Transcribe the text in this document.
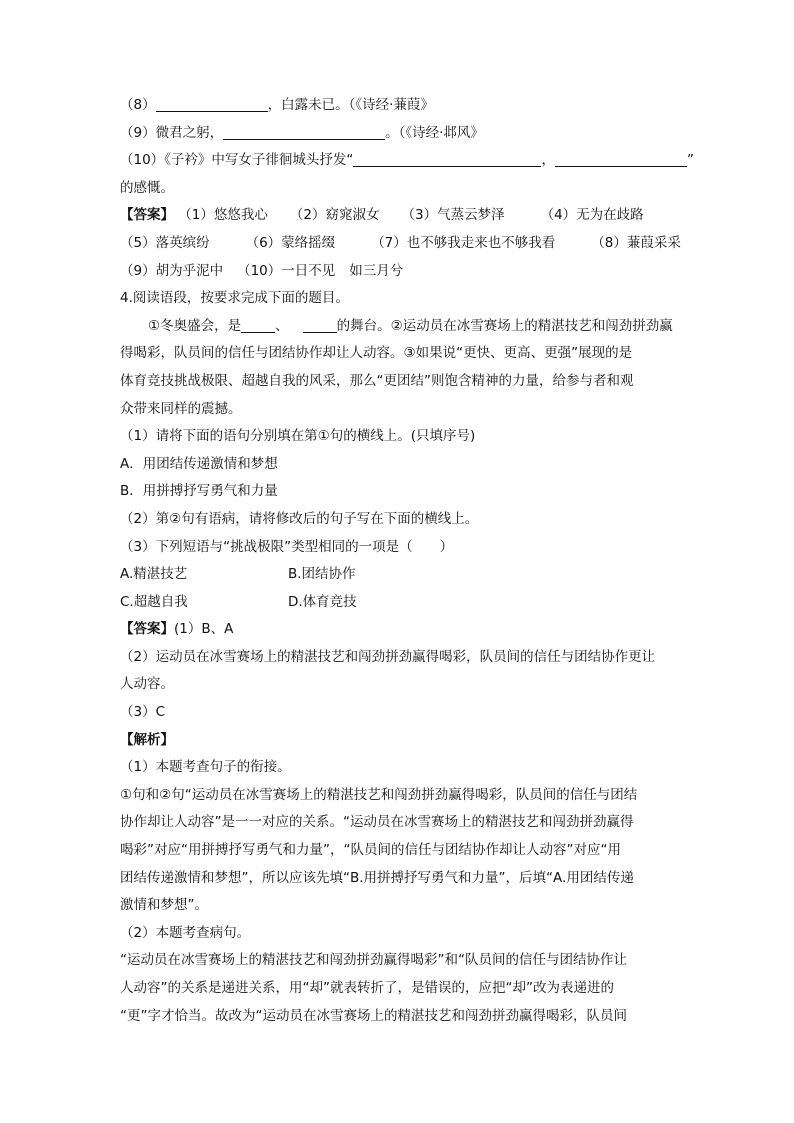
（8）	，白露未已。（《诗经·蒹葭》
（9）微君之躬，	。（《诗经·邶风》
（10）《子衿》中写女子徘徊城头抒发“	，	”
的感慨。
【答案】 （1）悠悠我心 （2）窈窕淑女 （3）气蒸云梦泽	（4）无为在歧路
（5）落英缤纷	（6）蒙络摇缀	（7）也不够我走来也不够我看	（8）蒹葭采采
（9）胡为乎泥中 （10）一日不见 如三月兮
4.阅读语段，按要求完成下面的题目。
①冬奥盛会，是	、	的舞台。②运动员在冰雪赛场上的精湛技艺和闯劲拼劲赢
得喝彩，队员间的信任与团结协作却让人动容。③如果说“更快、更高、更强”展现的是
体育竞技挑战极限、超越自我的风采，那么“更团结”则饱含精神的力量，给参与者和观
众带来同样的震撼。
（1）请将下面的语句分别填在第①句的横线上。(只填序号)
A．用团结传递激情和梦想
B．用拼搏抒写勇气和力量
（2）第②句有语病，请将修改后的句子写在下面的横线上。
（3）下列短语与“挑战极限”类型相同的一项是（　　）
A.精湛技艺	B.团结协作
C.超越自我	D.体育竞技
【答案】(1）B、A
（2）运动员在冰雪赛场上的精湛技艺和闯劲拼劲赢得喝彩，队员间的信任与团结协作更让
人动容。
（3）C
【解析】
（1）本题考查句子的衔接。
①句和②句“运动员在冰雪赛场上的精湛技艺和闯劲拼劲赢得喝彩，队员间的信任与团结
协作却让人动容”是一一对应的关系。“运动员在冰雪赛场上的精湛技艺和闯劲拼劲赢得
喝彩”对应“用拼搏抒写勇气和力量”，“队员间的信任与团结协作却让人动容”对应“用
团结传递激情和梦想”，所以应该先填“B.用拼搏抒写勇气和力量”，后填“A.用团结传递
激情和梦想”。
（2）本题考查病句。
“运动员在冰雪赛场上的精湛技艺和闯劲拼劲赢得喝彩”和“队员间的信任与团结协作让
人动容”的关系是递进关系，用“却”就表转折了，是错误的，应把“却”改为表递进的
“更”字才恰当。故改为“运动员在冰雪赛场上的精湛技艺和闯劲拼劲赢得喝彩，队员间
